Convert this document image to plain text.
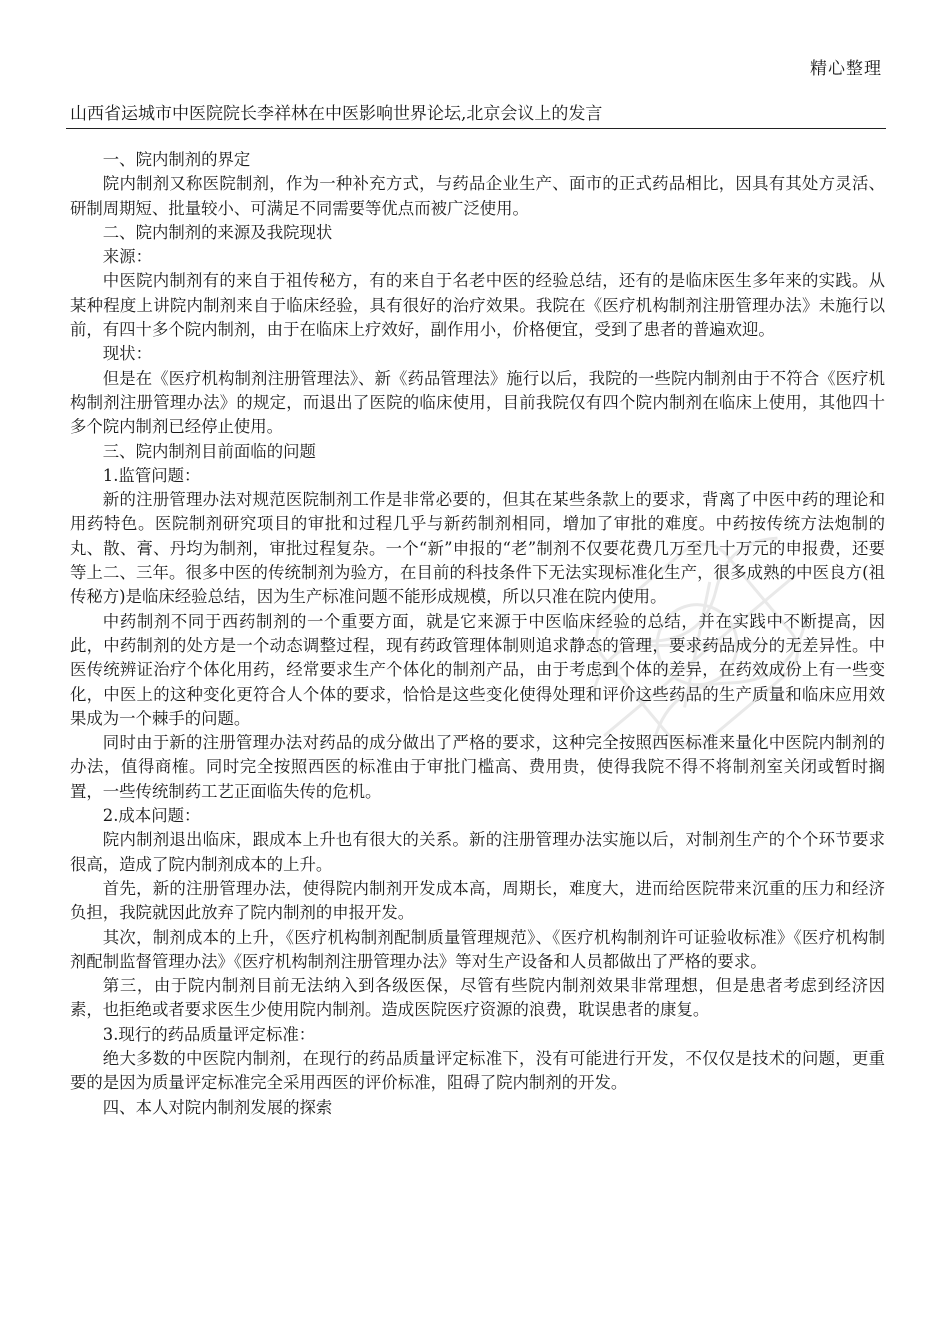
精心整理
山西省运城市中医院院长李祥林在中医影响世界论坛,北京会议上的发言

一、院内制剂的界定

院内制剂又称医院制剂，作为一种补充方式，与药品企业生产、面市的正式药品相比，因具有其处方灵活、研制周期短、批量较小、可满足不同需要等优点而被广泛使用。

二、院内制剂的来源及我院现状

来源：

中医院内制剂有的来自于祖传秘方，有的来自于名老中医的经验总结，还有的是临床医生多年来的实践。从某种程度上讲院内制剂来自于临床经验，具有很好的治疗效果。我院在《医疗机构制剂注册管理办法》未施行以前，有四十多个院内制剂，由于在临床上疗效好，副作用小，价格便宜，受到了患者的普遍欢迎。

现状：

但是在《医疗机构制剂注册管理法》、新《药品管理法》施行以后，我院的一些院内制剂由于不符合《医疗机构制剂注册管理办法》的规定，而退出了医院的临床使用，目前我院仅有四个院内制剂在临床上使用，其他四十多个院内制剂已经停止使用。

三、院内制剂目前面临的问题

1.监管问题：

新的注册管理办法对规范医院制剂工作是非常必要的，但其在某些条款上的要求，背离了中医中药的理论和用药特色。医院制剂研究项目的审批和过程几乎与新药制剂相同，增加了审批的难度。中药按传统方法炮制的丸、散、膏、丹均为制剂，审批过程复杂。一个“新”申报的“老”制剂不仅要花费几万至几十万元的申报费，还要等上二、三年。很多中医的传统制剂为验方，在目前的科技条件下无法实现标准化生产，很多成熟的中医良方(祖传秘方)是临床经验总结，因为生产标准问题不能形成规模，所以只准在院内使用。

中药制剂不同于西药制剂的一个重要方面，就是它来源于中医临床经验的总结，并在实践中不断提高，因此，中药制剂的处方是一个动态调整过程，现有药政管理体制则追求静态的管理，要求药品成分的无差异性。中医传统辨证治疗个体化用药，经常要求生产个体化的制剂产品，由于考虑到个体的差异，在药效成份上有一些变化，中医上的这种变化更符合人个体的要求，恰恰是这些变化使得处理和评价这些药品的生产质量和临床应用效果成为一个棘手的问题。

同时由于新的注册管理办法对药品的成分做出了严格的要求，这种完全按照西医标准来量化中医院内制剂的办法，值得商榷。同时完全按照西医的标准由于审批门槛高、费用贵，使得我院不得不将制剂室关闭或暂时搁置，一些传统制药工艺正面临失传的危机。

2.成本问题：

院内制剂退出临床，跟成本上升也有很大的关系。新的注册管理办法实施以后，对制剂生产的个个环节要求很高，造成了院内制剂成本的上升。

首先，新的注册管理办法，使得院内制剂开发成本高，周期长，难度大，进而给医院带来沉重的压力和经济负担，我院就因此放弃了院内制剂的申报开发。

其次，制剂成本的上升，《医疗机构制剂配制质量管理规范》、《医疗机构制剂许可证验收标准》《医疗机构制剂配制监督管理办法》《医疗机构制剂注册管理办法》等对生产设备和人员都做出了严格的要求。

第三，由于院内制剂目前无法纳入到各级医保，尽管有些院内制剂效果非常理想，但是患者考虑到经济因素，也拒绝或者要求医生少使用院内制剂。造成医院医疗资源的浪费，耽误患者的康复。

3.现行的药品质量评定标准：

绝大多数的中医院内制剂，在现行的药品质量评定标准下，没有可能进行开发，不仅仅是技术的问题，更重要的是因为质量评定标准完全采用西医的评价标准，阻碍了院内制剂的开发。

四、本人对院内制剂发展的探索
